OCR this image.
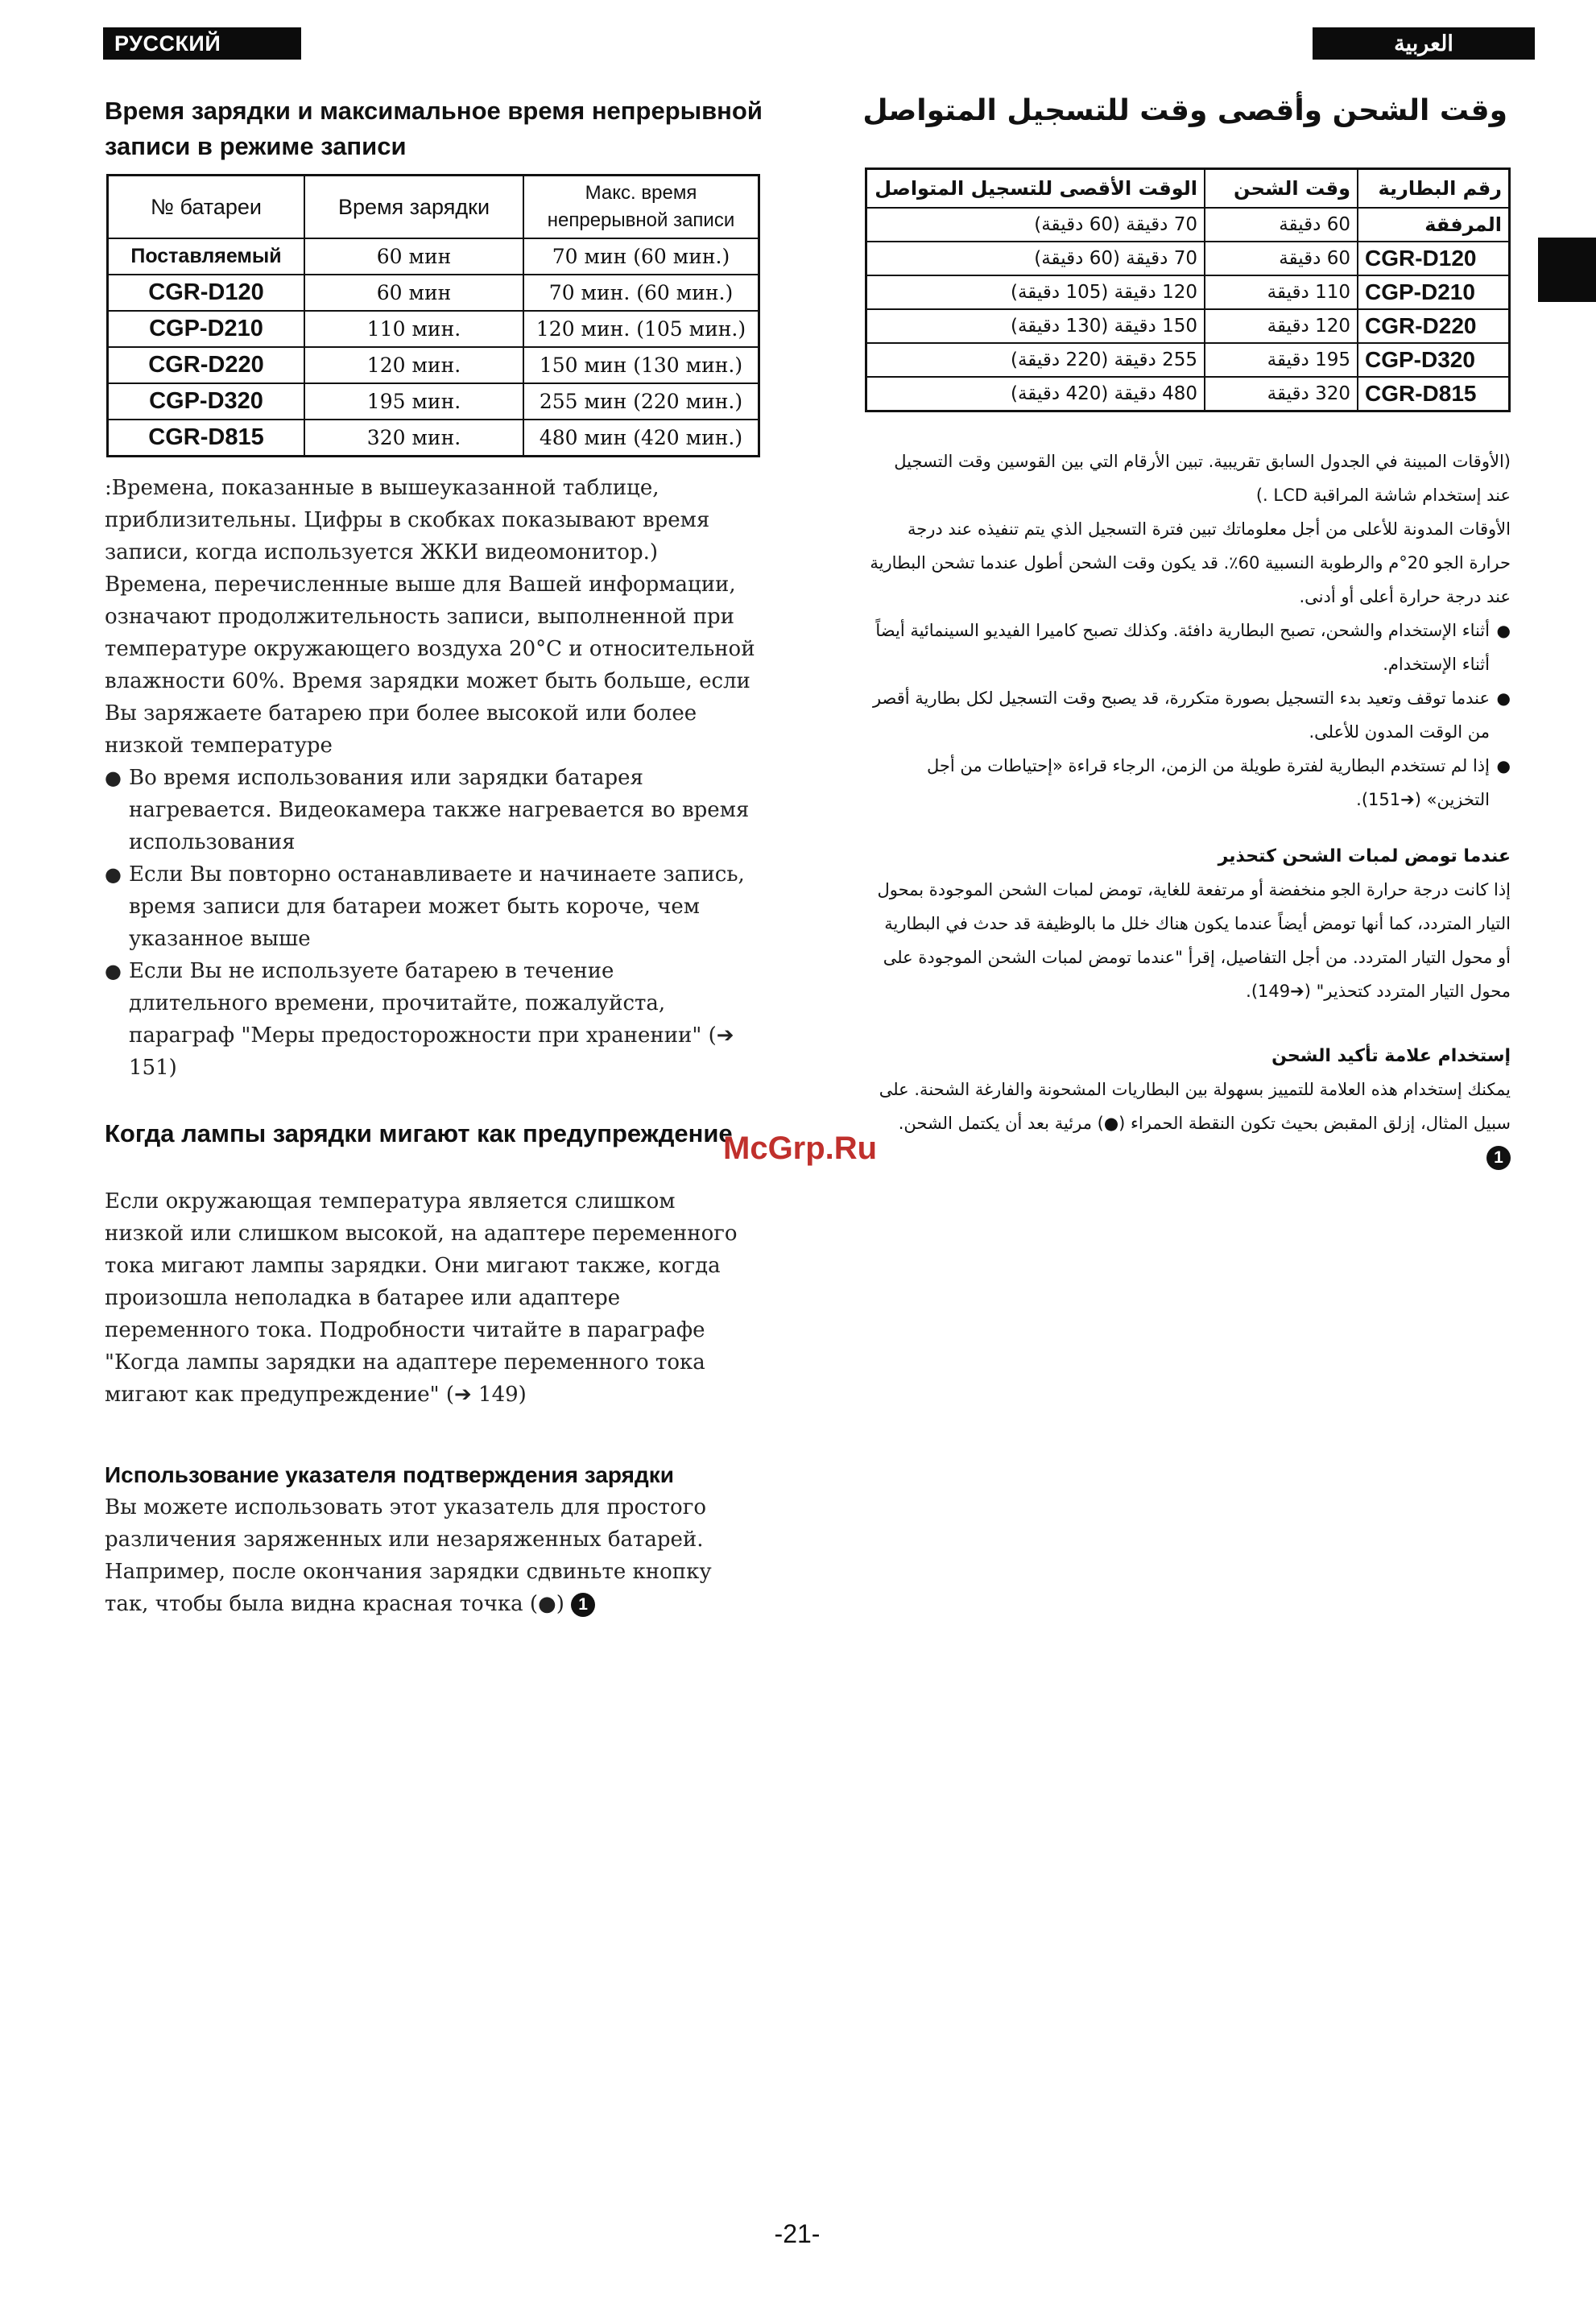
РУССКИЙ ЯЗЫК
العربية
Время зарядки и максимальное время непрерывной записи в режиме записи
№ батареи	Время зарядки	Макс. время непрерывной записи
Поставляемый	60 мин	70 мин (60 мин.)
CGR-D120	60 мин	70 мин. (60 мин.)
CGP-D210	110 мин.	120 мин. (105 мин.)
CGR-D220	120 мин.	150 мин (130 мин.)
CGP-D320	195 мин.	255 мин (220 мин.)
CGR-D815	320 мин.	480 мин (420 мин.)

:Времена, показанные в вышеуказанной таблице, приблизительны. Цифры в скобках показывают время записи, когда используется ЖКИ видеомонитор.) Времена, перечисленные выше для Вашей информации, означают продолжительность записи, выполненной при температуре окружающего воздуха 20°C и относительной влажности 60%. Время зарядки может быть больше, если Вы заряжаете батарею при более высокой или более низкой температуре

● Во время использования или зарядки батарея нагревается. Видеокамера также нагревается во время использования
● Если Вы повторно останавливаете и начинаете запись, время записи для батареи может быть короче, чем указанное выше
● Если Вы не используете батарею в течение длительного времени, прочитайте, пожалуйста, параграф "Меры предосторожности при хранении" (➔ 151)
Когда лампы зарядки мигают как предупреждение

Если окружающая температура является слишком низкой или слишком высокой, на адаптере переменного тока мигают лампы зарядки. Они мигают также, когда произошла неполадка в батарее или адаптере переменного тока. Подробности читайте в параграфе "Когда лампы зарядки на адаптере переменного тока мигают как предупреждение" (➔ 149)

Использование указателя подтверждения зарядки

Вы можете использовать этот указатель для простого различения заряженных или незаряженных батарей. Например, после окончания зарядки сдвиньте кнопку так, чтобы была видна красная точка (●) 1

وقت الشحن وأقصى وقت للتسجيل المتواصل
رقم البطارية	وقت الشحن	الوقت الأقصى للتسجيل المتواصل
المرفقة	60 دقيقة	70 دقيقة (60 دقيقة)
CGR-D120	60 دقيقة	70 دقيقة (60 دقيقة)
CGP-D210	110 دقيقة	120 دقيقة (105 دقيقة)
CGR-D220	120 دقيقة	150 دقيقة (130 دقيقة)
CGP-D320	195 دقيقة	255 دقيقة (220 دقيقة)
CGR-D815	320 دقيقة	480 دقيقة (420 دقيقة)

(الأوقات المبينة في الجدول السابق تقريبية. تبين الأرقام التي بين القوسين وقت التسجيل عند إستخدام شاشة المراقبة LCD .)

الأوقات المدونة للأعلى من أجل معلوماتك تبين فترة التسجيل الذي يتم تنفيذه عند درجة حرارة الجو 20°م والرطوبة النسبية 60٪. قد يكون وقت الشحن أطول عندما تشحن البطارية عند درجة حرارة أعلى أو أدنى.

● أثناء الإستخدام والشحن، تصبح البطارية دافئة. وكذلك تصبح كاميرا الفيديو السينمائية أيضاً أثناء الإستخدام.
● عندما توقف وتعيد بدء التسجيل بصورة متكررة، قد يصبح وقت التسجيل لكل بطارية أقصر من الوقت المدون للأعلى.
● إذا لم تستخدم البطارية لفترة طويلة من الزمن، الرجاء قراءة «إحتياطات من أجل التخزين» (➔151).
عندما تومض لمبات الشحن كتحذير

إذا كانت درجة حرارة الجو منخفضة أو مرتفعة للغاية، تومض لمبات الشحن الموجودة بمحول التيار المتردد، كما أنها تومض أيضاً عندما يكون هناك خلل ما بالوظيفة قد حدث في البطارية أو محول التيار المتردد. من أجل التفاصيل، إقرأ "عندما تومض لمبات الشحن الموجودة على محول التيار المتردد كتحذير" (➔149).

إستخدام علامة تأكيد الشحن

يمكنك إستخدام هذه العلامة للتمييز بسهولة بين البطاريات المشحونة والفارغة الشحنة. على سبيل المثال، إزلق المقبض بحيث تكون النقطة الحمراء (●) مرئية بعد أن يكتمل الشحن. 1

McGrp.Ru
-21-
